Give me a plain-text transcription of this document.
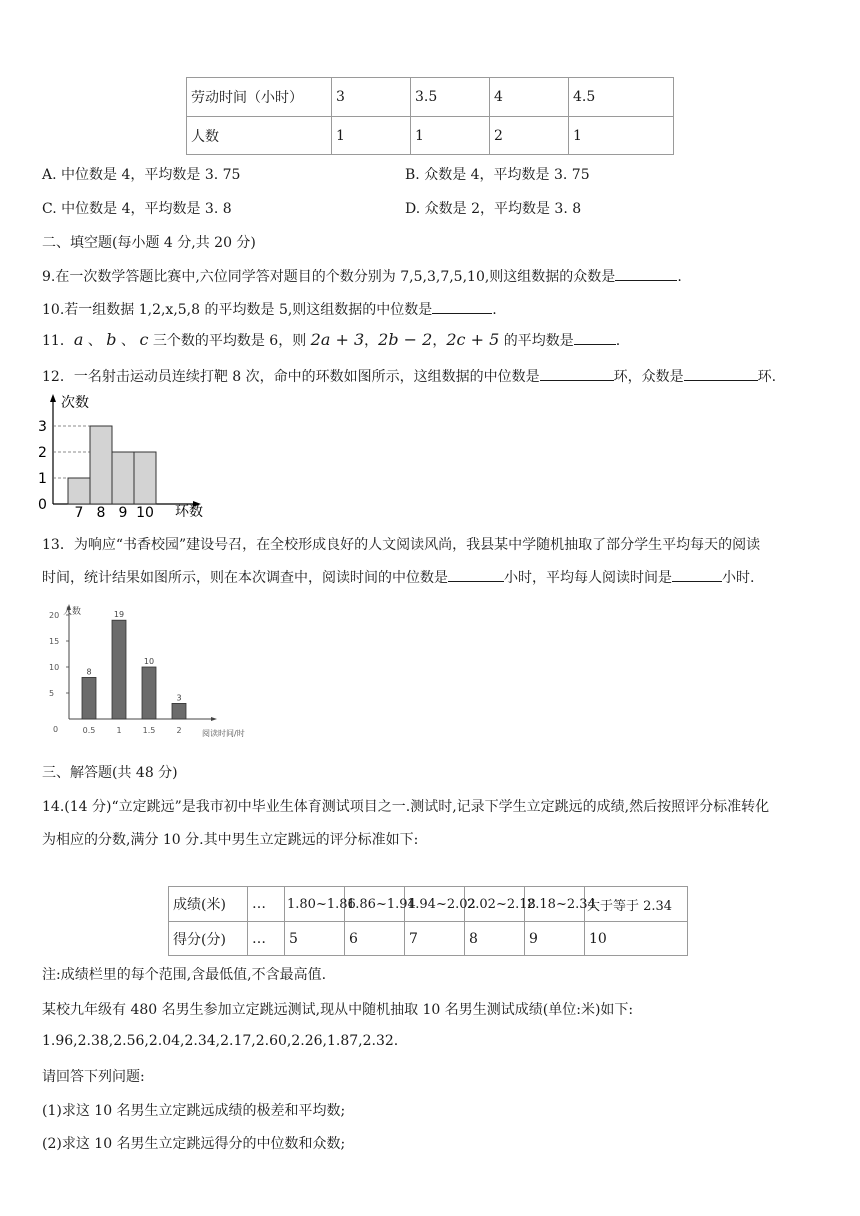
劳动时间（小时）	3	3.5	4	4.5
人数	1	1	2	1
A. 中位数是 4，平均数是 3. 75	B. 众数是 4，平均数是 3. 75
C. 中位数是 4，平均数是 3. 8	D. 众数是 2，平均数是 3. 8
二、填空题(每小题 4 分,共 20 分)
9.在一次数学答题比赛中,六位同学答对题目的个数分别为 7,5,3,7,5,10,则这组数据的众数是	.
10.若一组数据 1,2,x,5,8 的平均数是 5,则这组数据的中位数是	.
11．a 、 b 、 c 三个数的平均数是 6，则 2a + 3，2b − 2，2c + 5 的平均数是	.
12．一名射击运动员连续打靶 8 次，命中的环数如图所示，这组数据的中位数是	环，众数是	环.
0
1
2
3
7 8 9 10
次数
环数
13．为响应“书香校园”建设号召，在全校形成良好的人文阅读风尚，我县某中学随机抽取了部分学生平均每天的阅读
时间，统计结果如图所示，则在本次调查中，阅读时间的中位数是	小时，平均每人阅读时间是	小时.
20
15
10
5
8
19
10
3
0.5	1	1.5	2
0
人数
阅读时间/时
三、解答题(共 48 分)
14.(14 分)“立定跳远”是我市初中毕业生体育测试项目之一.测试时,记录下学生立定跳远的成绩,然后按照评分标准转化
为相应的分数,满分 10 分.其中男生立定跳远的评分标准如下:
成绩(米)	…	1.80~1.86	1.86~1.94	1.94~2.02	2.02~2.18	2.18~2.34	大于等于 2.34
得分(分)	…	5	6	7	8	9	10
注:成绩栏里的每个范围,含最低值,不含最高值.
某校九年级有 480 名男生参加立定跳远测试,现从中随机抽取 10 名男生测试成绩(单位:米)如下:
1.96,2.38,2.56,2.04,2.34,2.17,2.60,2.26,1.87,2.32.
请回答下列问题:
(1)求这 10 名男生立定跳远成绩的极差和平均数;
(2)求这 10 名男生立定跳远得分的中位数和众数;
